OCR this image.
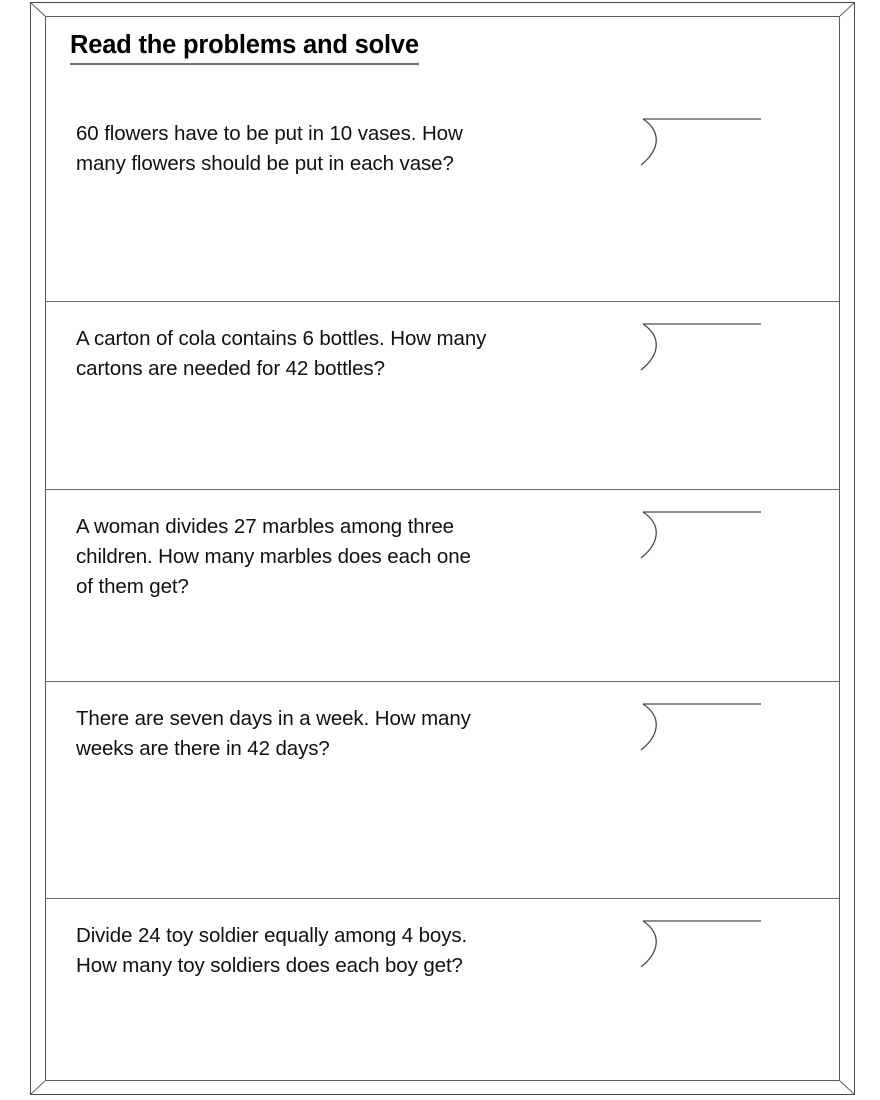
Read the problems and solve
60 flowers have to be put in 10 vases. How
many flowers should be put in each vase?
A carton of cola contains 6 bottles. How many
cartons are needed for 42 bottles?
A woman divides 27 marbles among three
children. How many marbles does each one
of them get?
There are seven days in a week. How many
weeks are there in 42 days?
Divide 24 toy soldier equally among 4 boys.
How many toy soldiers does each boy get?
